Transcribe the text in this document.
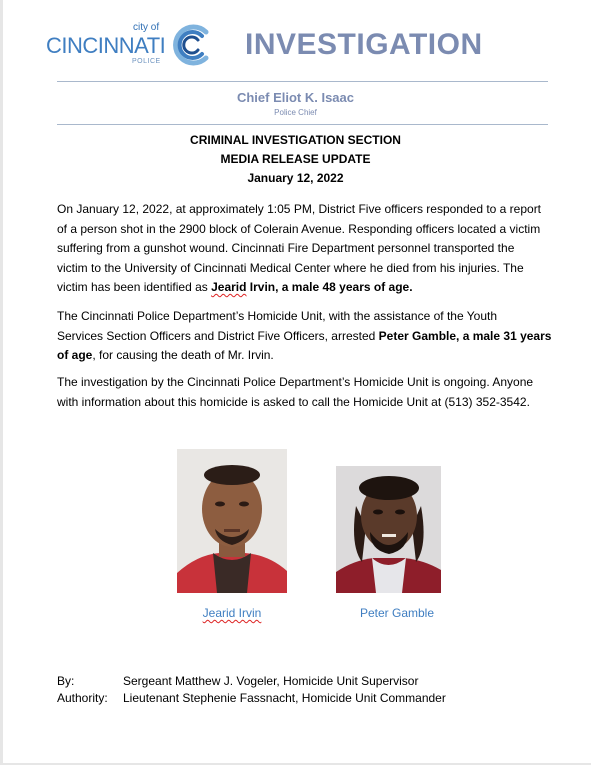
city of
CINCINNATI
POLICE
INVESTIGATION
Chief Eliot K. Isaac
Police Chief
CRIMINAL INVESTIGATION SECTION
MEDIA RELEASE UPDATE
January 12, 2022
On January 12, 2022, at approximately 1:05 PM, District Five officers responded to a report
of a person shot in the 2900 block of Colerain Avenue. Responding officers located a victim
suffering from a gunshot wound. Cincinnati Fire Department personnel transported the
victim to the University of Cincinnati Medical Center where he died from his injuries. The
victim has been identified as Jearid Irvin, a male 48 years of age.
The Cincinnati Police Department’s Homicide Unit, with the assistance of the Youth
Services Section Officers and District Five Officers, arrested Peter Gamble, a male 31 years
of age, for causing the death of Mr. Irvin.
The investigation by the Cincinnati Police Department’s Homicide Unit is ongoing. Anyone
with information about this homicide is asked to call the Homicide Unit at (513) 352-3542.
Jearid Irvin	Peter Gamble
By:	Sergeant Matthew J. Vogeler, Homicide Unit Supervisor
Authority: Lieutenant Stephenie Fassnacht, Homicide Unit Commander
